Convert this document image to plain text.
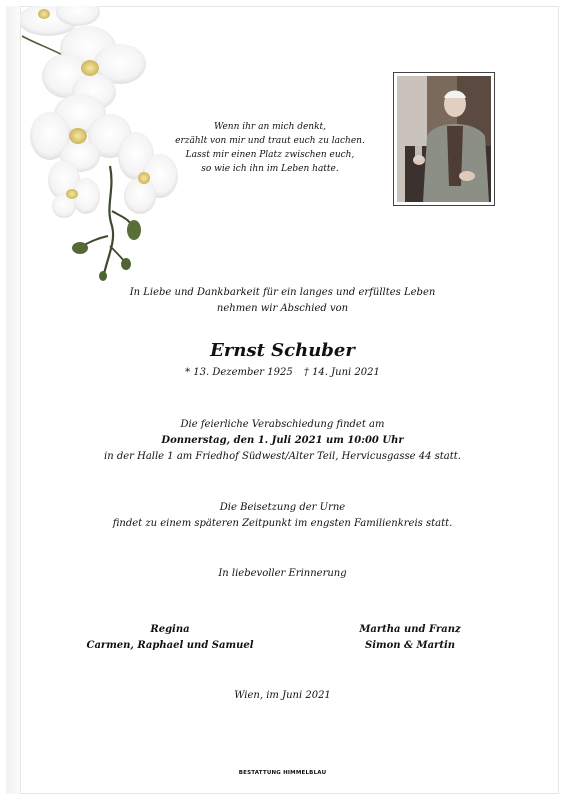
Wenn ihr an mich denkt,
erzählt von mir und traut euch zu lachen.
Lasst mir einen Platz zwischen euch,
so wie ich ihn im Leben hatte.
In Liebe und Dankbarkeit für ein langes und erfülltes Leben
nehmen wir Abschied von
Ernst Schuber
* 13. Dezember 1925 † 14. Juni 2021
Die feierliche Verabschiedung findet am
Donnerstag, den 1. Juli 2021 um 10:00 Uhr
in der Halle 1 am Friedhof Südwest/Alter Teil, Hervicusgasse 44 statt.
Die Beisetzung der Urne
findet zu einem späteren Zeitpunkt im engsten Familienkreis statt.
In liebevoller Erinnerung
Regina
Carmen, Raphael und Samuel
Martha und Franz
Simon & Martin
Wien, im Juni 2021
BESTATTUNG HIMMELBLAU
